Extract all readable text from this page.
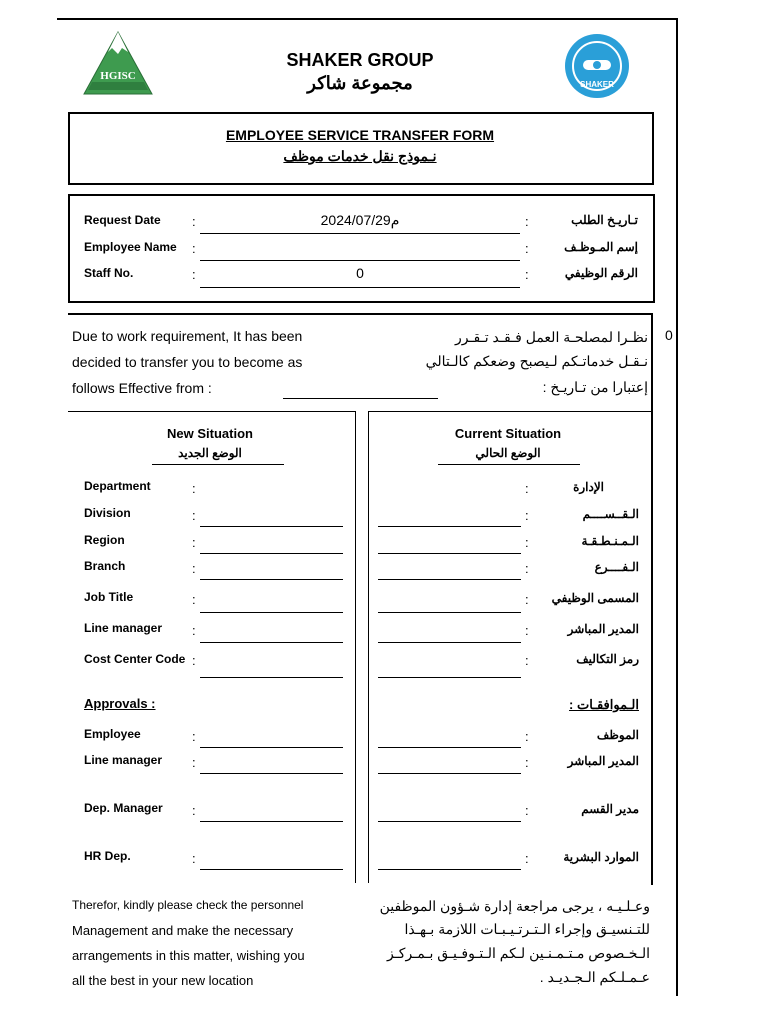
HGISC
SHAKER GROUP
مجموعة شاكر	SHAKER
EMPLOYEE SERVICE TRANSFER FORM
نـموذج نقل خدمات موظف
Request Date :	2024/07/29م	:	تـاريـخ الطلب
Employee Name :	:	إسم المـوظـف
Staff No.	:	0	:	الرقم الوظيفي
Due to work requirement, It has been
decided to transfer you to become as
follows Effective from :
نظـرا لمصلحـة العمل فـقـد تـقـرر
نـقـل خدماتـكم لـيصبح وضعكم كالـتالي
إعتبارا من تـاريـخ :
0
New Situation
الوضع الجديد
Current Situation
الوضع الحالي
Department	:	:	الإدارة
Division	:	:	الـقــســــم
Region	:	:	الـمـنـطـقـة
Branch	:	:	الـفــــرع
Job Title	:	:	المسمى الوظيفي
Line manager :	:	المدير المباشر
Cost Center Code :	:	رمز التكاليف
Approvals :	الـموافقـات :
Employee	:	:	الموظف
Line manager :	:	المدير المباشر
Dep. Manager :	:	مدير القسم
HR Dep.	:	:	الموارد البشرية
Therefor, kindly please check the personnel
Management and make the necessary
arrangements in this matter, wishing you
all the best in your new location
وعـلـيـه ، يرجى مراجعة إدارة شـؤون الموظفين
للتـنسيـق وإجراء الـتـرتـيـبـات اللازمة بـهـذا
الـخـصوص مـتـمـنـين لـكم الـتـوفـيـق بـمـركـز
عـمـلـكم الـجـديـد .
